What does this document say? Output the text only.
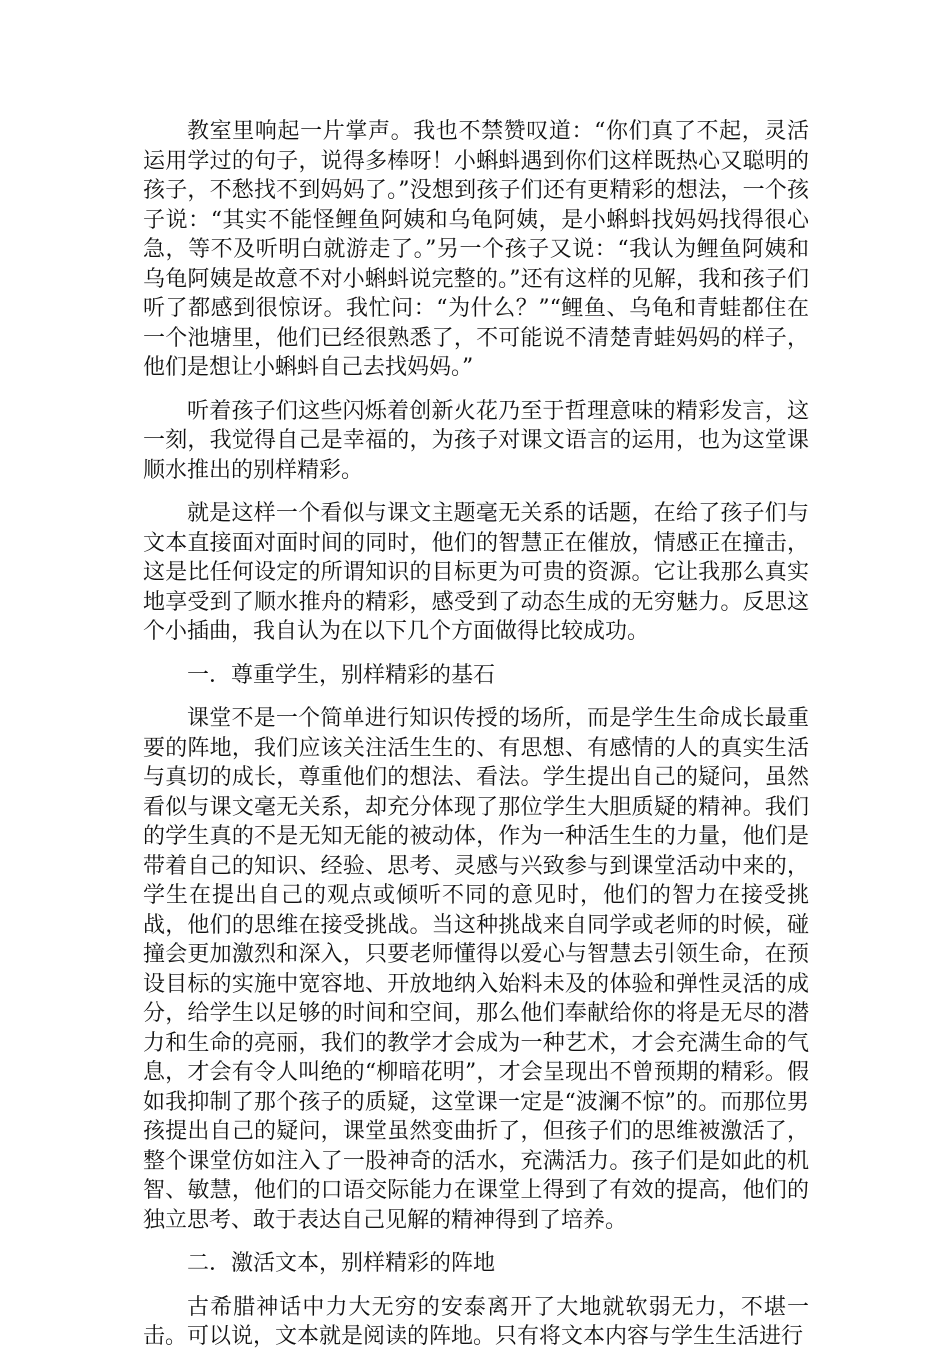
教室里响起一片掌声。我也不禁赞叹道：“你们真了不起，灵活运用学过的句子，说得多棒呀！小蝌蚪遇到你们这样既热心又聪明的孩子，不愁找不到妈妈了。”没想到孩子们还有更精彩的想法，一个孩子说：“其实不能怪鲤鱼阿姨和乌龟阿姨，是小蝌蚪找妈妈找得很心急，等不及听明白就游走了。”另一个孩子又说：“我认为鲤鱼阿姨和乌龟阿姨是故意不对小蝌蚪说完整的。”还有这样的见解，我和孩子们听了都感到很惊讶。我忙问：“为什么？”“鲤鱼、乌龟和青蛙都住在一个池塘里，他们已经很熟悉了，不可能说不清楚青蛙妈妈的样子，他们是想让小蝌蚪自己去找妈妈。”

听着孩子们这些闪烁着创新火花乃至于哲理意味的精彩发言，这一刻，我觉得自己是幸福的，为孩子对课文语言的运用，也为这堂课顺水推出的别样精彩。

就是这样一个看似与课文主题毫无关系的话题，在给了孩子们与文本直接面对面时间的同时，他们的智慧正在催放，情感正在撞击，这是比任何设定的所谓知识的目标更为可贵的资源。它让我那么真实地享受到了顺水推舟的精彩，感受到了动态生成的无穷魅力。反思这个小插曲，我自认为在以下几个方面做得比较成功。

一．尊重学生，别样精彩的基石

课堂不是一个简单进行知识传授的场所，而是学生生命成长最重要的阵地，我们应该关注活生生的、有思想、有感情的人的真实生活与真切的成长，尊重他们的想法、看法。学生提出自己的疑问，虽然看似与课文毫无关系，却充分体现了那位学生大胆质疑的精神。我们的学生真的不是无知无能的被动体，作为一种活生生的力量，他们是带着自己的知识、经验、思考、灵感与兴致参与到课堂活动中来的，学生在提出自己的观点或倾听不同的意见时，他们的智力在接受挑战，他们的思维在接受挑战。当这种挑战来自同学或老师的时候，碰撞会更加激烈和深入，只要老师懂得以爱心与智慧去引领生命，在预设目标的实施中宽容地、开放地纳入始料未及的体验和弹性灵活的成分，给学生以足够的时间和空间，那么他们奉献给你的将是无尽的潜力和生命的亮丽，我们的教学才会成为一种艺术，才会充满生命的气息，才会有令人叫绝的“柳暗花明”，才会呈现出不曾预期的精彩。假如我抑制了那个孩子的质疑，这堂课一定是“波澜不惊”的。而那位男孩提出自己的疑问，课堂虽然变曲折了，但孩子们的思维被激活了，整个课堂仿如注入了一股神奇的活水，充满活力。孩子们是如此的机智、敏慧，他们的口语交际能力在课堂上得到了有效的提高，他们的独立思考、敢于表达自己见解的精神得到了培养。

二．激活文本，别样精彩的阵地

古希腊神话中力大无穷的安泰离开了大地就软弱无力，不堪一击。可以说，文本就是阅读的阵地。只有将文本内容与学生生活进行
